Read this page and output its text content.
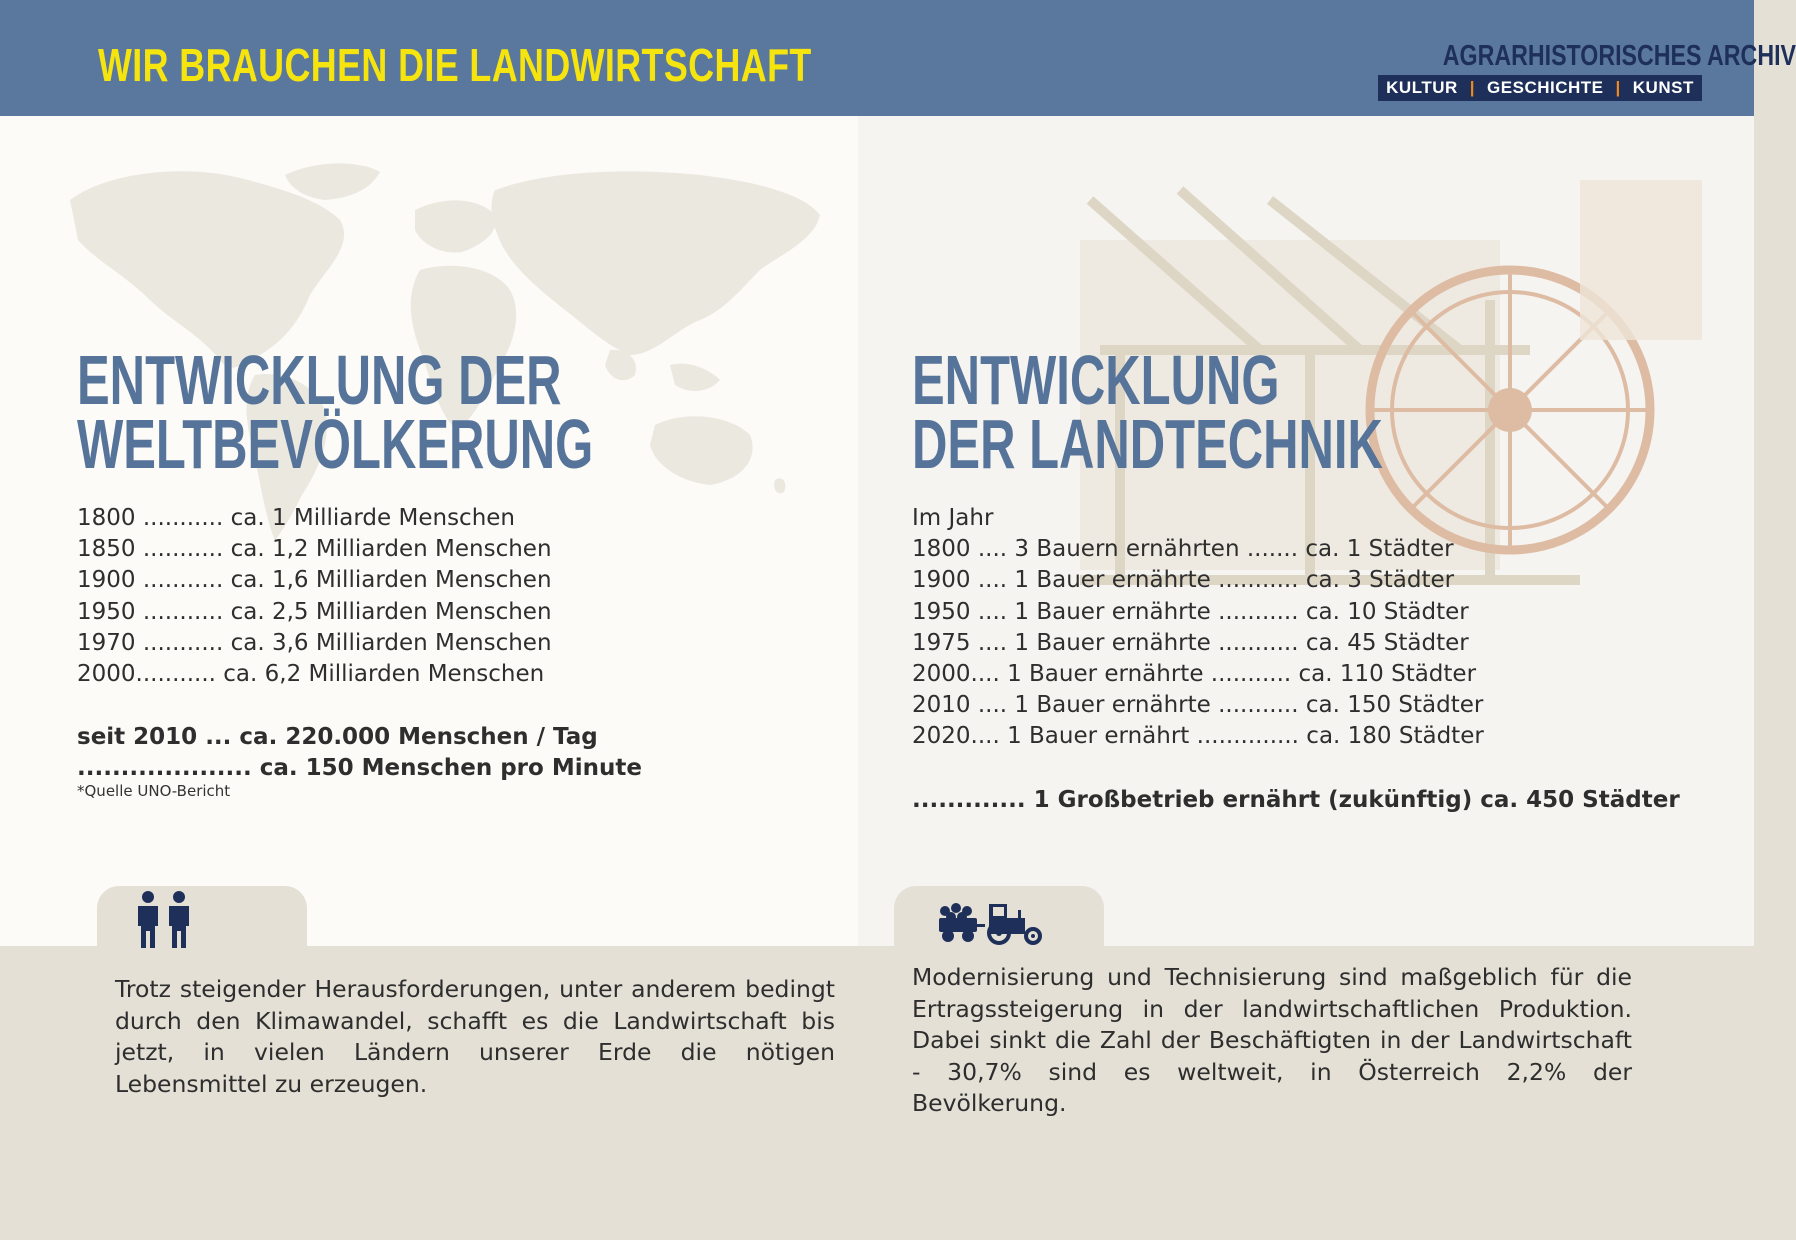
WIR BRAUCHEN DIE LANDWIRTSCHAFT	AGRARHISTORISCHES ARCHIV
KULTUR | GESCHICHTE | KUNST
ENTWICKLUNG DER
WELTBEVÖLKERUNG
1800 ........... ca. 1 Milliarde Menschen
1850 ........... ca. 1,2 Milliarden Menschen
1900 ........... ca. 1,6 Milliarden Menschen
1950 ........... ca. 2,5 Milliarden Menschen
1970 ........... ca. 3,6 Milliarden Menschen
2000........... ca. 6,2 Milliarden Menschen
seit 2010 ... ca. 220.000 Menschen / Tag
.................... ca. 150 Menschen pro Minute
*Quelle UNO-Bericht
ENTWICKLUNG
DER LANDTECHNIK
Im Jahr
1800 .... 3 Bauern ernährten ....... ca. 1 Städter
1900 .... 1 Bauer ernährte ........... ca. 3 Städter
1950 .... 1 Bauer ernährte ........... ca. 10 Städter
1975 .... 1 Bauer ernährte ........... ca. 45 Städter
2000.... 1 Bauer ernährte ........... ca. 110 Städter
2010 .... 1 Bauer ernährte ........... ca. 150 Städter
2020.... 1 Bauer ernährt .............. ca. 180 Städter
............. 1 Großbetrieb ernährt (zukünftig) ca. 450 Städter
Trotz steigender Herausforderungen, unter anderem bedingt durch den Klimawandel, schafft es die Landwirtschaft bis jetzt, in vielen Ländern unserer Erde die nötigen Lebensmittel zu erzeugen.
Modernisierung und Technisierung sind maßgeblich für die Ertragssteigerung in der landwirtschaftlichen Produktion. Dabei sinkt die Zahl der Beschäftigten in der Landwirtschaft - 30,7% sind es weltweit, in Österreich 2,2% der Bevölkerung.
